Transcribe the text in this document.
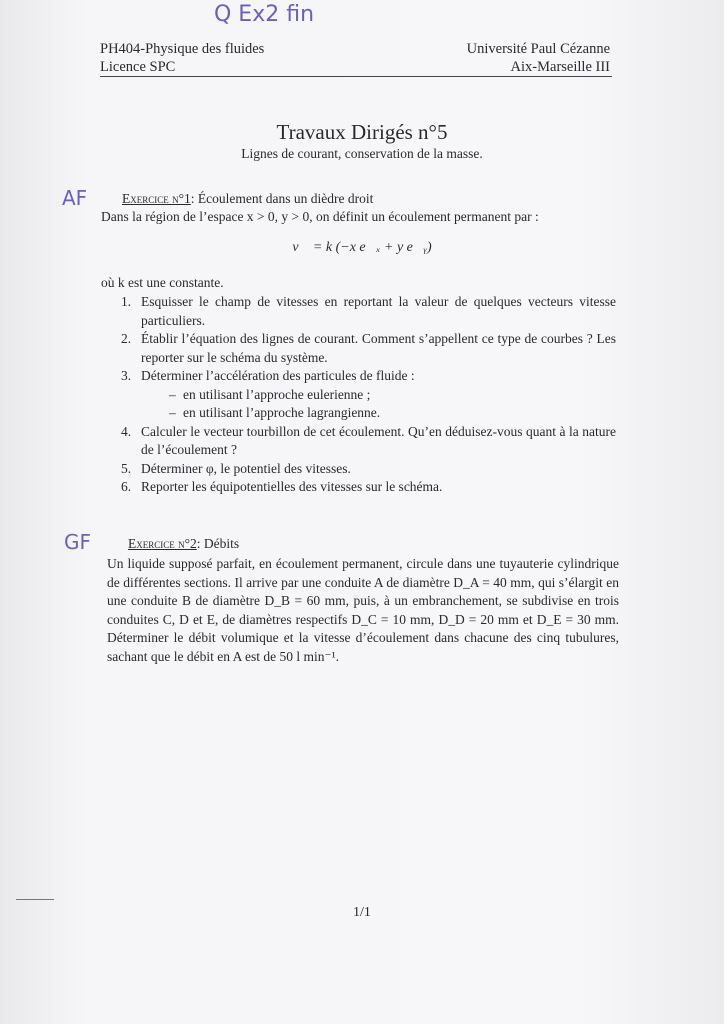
Q Ex2 fin
PH404-Physique des fluides
Licence SPC
Université Paul Cézanne
Aix-Marseille III
Travaux Dirigés n°5
Lignes de courant, conservation de la masse.
AF	Exercice n°1: Écoulement dans un dièdre droit
Dans la région de l’espace x > 0, y > 0, on définit un écoulement permanent par :
v⃗ = k (−x e⃗ₓ + y e⃗ᵧ)
où k est une constante.
1. Esquisser le champ de vitesses en reportant la valeur de quelques vecteurs vitesse particuliers.
2. Établir l’équation des lignes de courant. Comment s’appellent ce type de courbes ? Les reporter sur le schéma du système.
3. Déterminer l’accélération des particules de fluide :
– en utilisant l’approche eulerienne ;
– en utilisant l’approche lagrangienne.
4. Calculer le vecteur tourbillon de cet écoulement. Qu’en déduisez-vous quant à la nature de l’écoulement ?
5. Déterminer φ, le potentiel des vitesses.
6. Reporter les équipotentielles des vitesses sur le schéma.
GF	Exercice n°2: Débits
Un liquide supposé parfait, en écoulement permanent, circule dans une tuyauterie cylindrique de différentes sections. Il arrive par une conduite A de diamètre D_A = 40 mm, qui s’élargit en une conduite B de diamètre D_B = 60 mm, puis, à un embranchement, se subdivise en trois conduites C, D et E, de diamètres respectifs D_C = 10 mm, D_D = 20 mm et D_E = 30 mm. Déterminer le débit volumique et la vitesse d’écoulement dans chacune des cinq tubulures, sachant que le débit en A est de 50 l min⁻¹.
1/1
